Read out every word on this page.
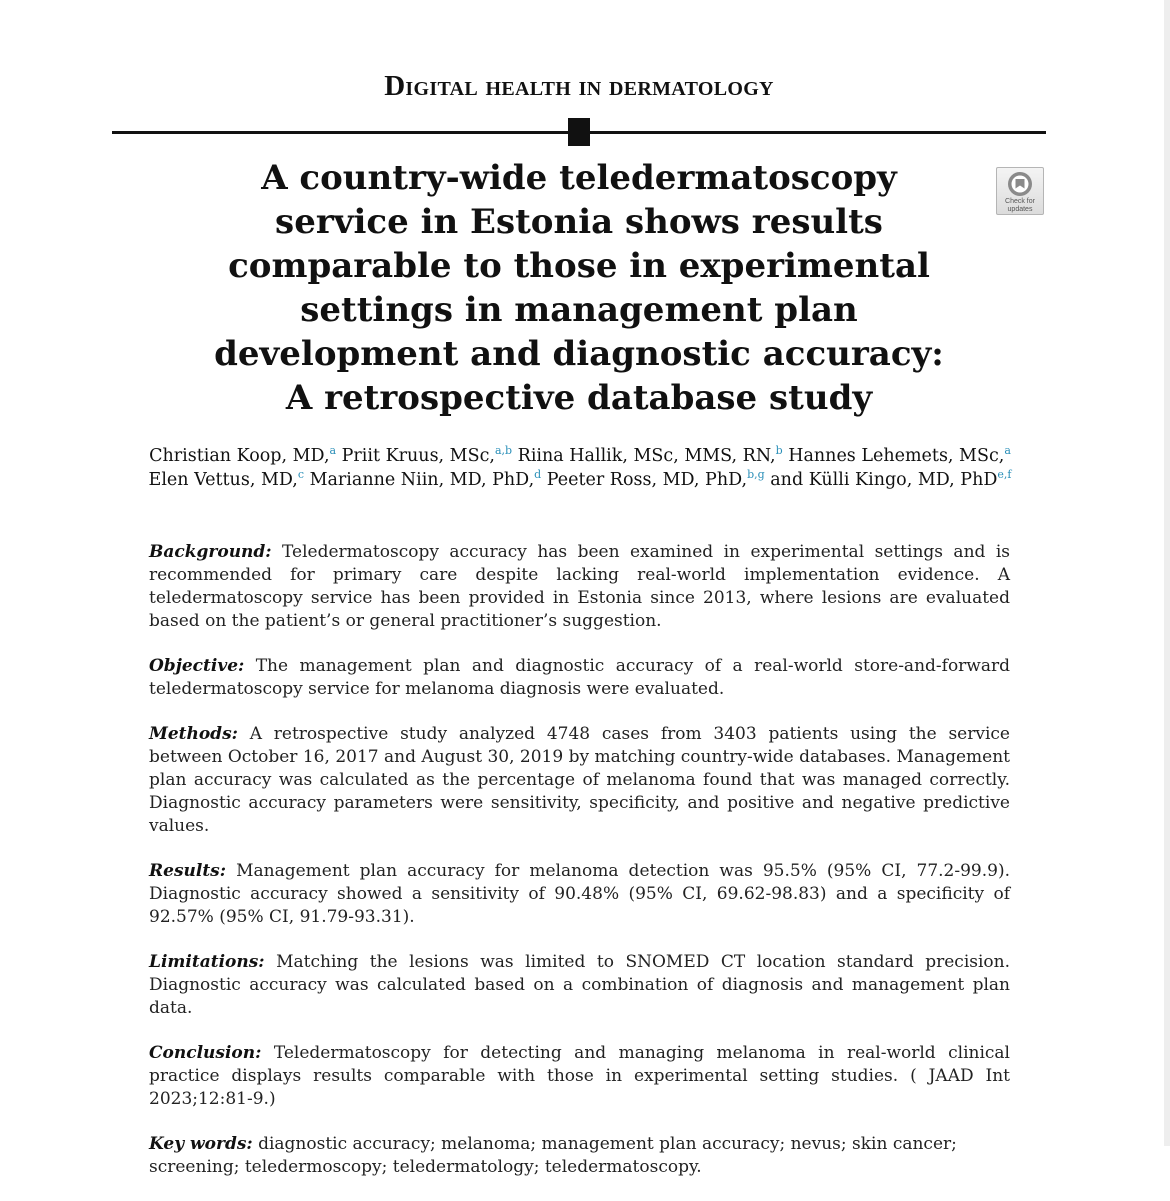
Digital health in dermatology
A country-wide teledermatoscopy service in Estonia shows results comparable to those in experimental settings in management plan development and diagnostic accuracy: A retrospective database study
Check for
updates

Christian Koop, MD,$^a$ Priit Kruus, MSc,$^{a,b}$ Riina Hallik, MSc, MMS, RN,$^b$ Hannes Lehemets, MSc,$^a$
Elen Vettus, MD,$^c$ Marianne Niin, MD, PhD,$^d$ Peeter Ross, MD, PhD,$^{b,g}$ and Külli Kingo, MD, PhD$^{e,f}$

Background: Teledermatoscopy accuracy has been examined in experimental settings and is recommended for primary care despite lacking real-world implementation evidence. A teledermatoscopy service has been provided in Estonia since 2013, where lesions are evaluated based on the patient’s or general practitioner’s suggestion.

Objective: The management plan and diagnostic accuracy of a real-world store-and-forward teledermatoscopy service for melanoma diagnosis were evaluated.

Methods: A retrospective study analyzed 4748 cases from 3403 patients using the service between October 16, 2017 and August 30, 2019 by matching country-wide databases. Management plan accuracy was calculated as the percentage of melanoma found that was managed correctly. Diagnostic accuracy parameters were sensitivity, specificity, and positive and negative predictive values.

Results: Management plan accuracy for melanoma detection was 95.5% (95% CI, 77.2-99.9). Diagnostic accuracy showed a sensitivity of 90.48% (95% CI, 69.62-98.83) and a specificity of 92.57% (95% CI, 91.79-93.31).

Limitations: Matching the lesions was limited to SNOMED CT location standard precision. Diagnostic accuracy was calculated based on a combination of diagnosis and management plan data.

Conclusion: Teledermatoscopy for detecting and managing melanoma in real-world clinical practice displays results comparable with those in experimental setting studies. ( JAAD Int 2023;12:81-9.)

Key words: diagnostic accuracy; melanoma; management plan accuracy; nevus; skin cancer; screening; teledermoscopy; teledermatology; teledermatoscopy.
